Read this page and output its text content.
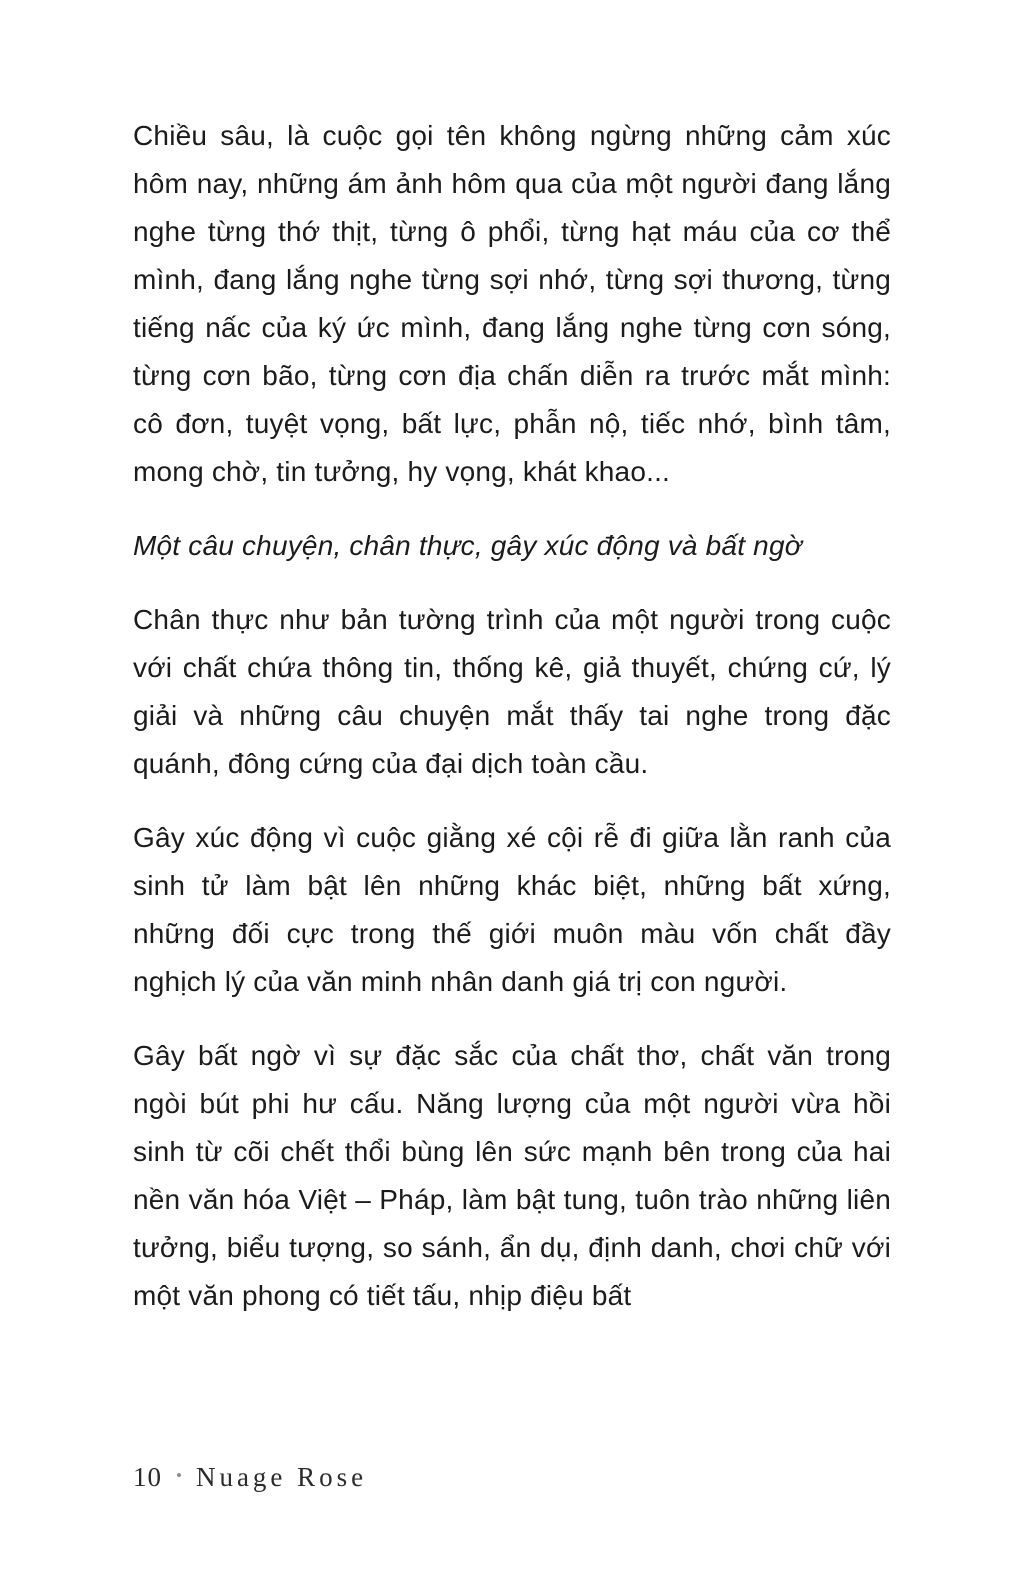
Chiều sâu, là cuộc gọi tên không ngừng những cảm xúc hôm nay, những ám ảnh hôm qua của một người đang lắng nghe từng thớ thịt, từng ô phổi, từng hạt máu của cơ thể mình, đang lắng nghe từng sợi nhớ, từng sợi thương, từng tiếng nấc của ký ức mình, đang lắng nghe từng cơn sóng, từng cơn bão, từng cơn địa chấn diễn ra trước mắt mình: cô đơn, tuyệt vọng, bất lực, phẫn nộ, tiếc nhớ, bình tâm, mong chờ, tin tưởng, hy vọng, khát khao...

Một câu chuyện, chân thực, gây xúc động và bất ngờ

Chân thực như bản tường trình của một người trong cuộc với chất chứa thông tin, thống kê, giả thuyết, chứng cứ, lý giải và những câu chuyện mắt thấy tai nghe trong đặc quánh, đông cứng của đại dịch toàn cầu.

Gây xúc động vì cuộc giằng xé cội rễ đi giữa lằn ranh của sinh tử làm bật lên những khác biệt, những bất xứng, những đối cực trong thế giới muôn màu vốn chất đầy nghịch lý của văn minh nhân danh giá trị con người.

Gây bất ngờ vì sự đặc sắc của chất thơ, chất văn trong ngòi bút phi hư cấu. Năng lượng của một người vừa hồi sinh từ cõi chết thổi bùng lên sức mạnh bên trong của hai nền văn hóa Việt – Pháp, làm bật tung, tuôn trào những liên tưởng, biểu tượng, so sánh, ẩn dụ, định danh, chơi chữ với một văn phong có tiết tấu, nhịp điệu bất

10 • Nuage Rose
